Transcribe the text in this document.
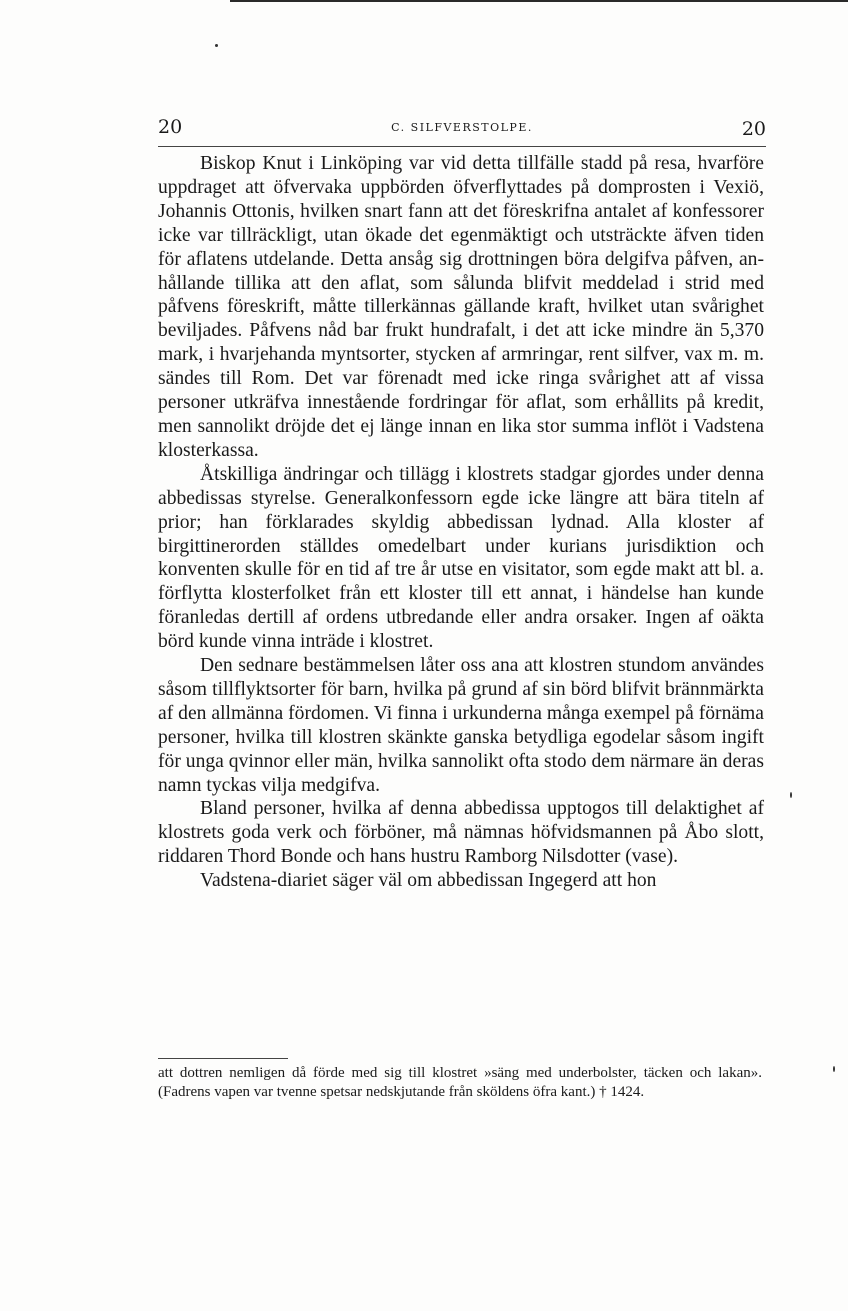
20	C. SILFVERSTOLPE.	20

Biskop Knut i Linköping var vid detta tillfälle stadd på resa, hvarföre uppdraget att öfvervaka uppbörden öfverflyttades på domprosten i Vexiö, Johannis Ottonis, hvilken snart fann att det föreskrifna antalet af konfessorer icke var tillräckligt, utan ökade det egenmäktigt och utsträckte äfven tiden för aflatens utdelande. Detta ansåg sig drottningen böra delgifva påfven, anhållande tillika att den aflat, som sålunda blifvit meddelad i strid med påfvens föreskrift, måtte tillerkännas gällande kraft, hvilket utan svårighet beviljades. Påfvens nåd bar frukt hundrafalt, i det att icke mindre än 5,370 mark, i hvarjehanda myntsorter, stycken af armringar, rent silfver, vax m. m. sändes till Rom. Det var förenadt med icke ringa svårighet att af vissa personer utkräfva innestående fordringar för aflat, som erhållits på kredit, men sannolikt dröjde det ej länge innan en lika stor summa inflöt i Vadstena klosterkassa.

Åtskilliga ändringar och tillägg i klostrets stadgar gjordes under denna abbedissas styrelse. Generalkonfessorn egde icke längre att bära titeln af prior; han förklarades skyldig abbedissan lydnad. Alla kloster af birgittinerorden ställdes omedelbart under kurians jurisdiktion och konventen skulle för en tid af tre år utse en visitator, som egde makt att bl. a. förflytta klosterfolket från ett kloster till ett annat, i händelse han kunde föranledas dertill af ordens utbredande eller andra orsaker. Ingen af oäkta börd kunde vinna inträde i klostret.

Den sednare bestämmelsen låter oss ana att klostren stundom användes såsom tillflyktsorter för barn, hvilka på grund af sin börd blifvit brännmärkta af den allmänna fördomen. Vi finna i urkunderna många exempel på förnäma personer, hvilka till klostren skänkte ganska betydliga egodelar såsom ingift för unga qvinnor eller män, hvilka sannolikt ofta stodo dem närmare än deras namn tyckas vilja medgifva.

Bland personer, hvilka af denna abbedissa upptogos till delaktighet af klostrets goda verk och förböner, må nämnas höfvidsmannen på Åbo slott, riddaren Thord Bonde och hans hustru Ramborg Nilsdotter (vase).

Vadstena-diariet säger väl om abbedissan Ingegerd att hon

att dottren nemligen då förde med sig till klostret »säng med underbolster, täcken och lakan». (Fadrens vapen var tvenne spetsar nedskjutande från sköldens öfra kant.) † 1424.
